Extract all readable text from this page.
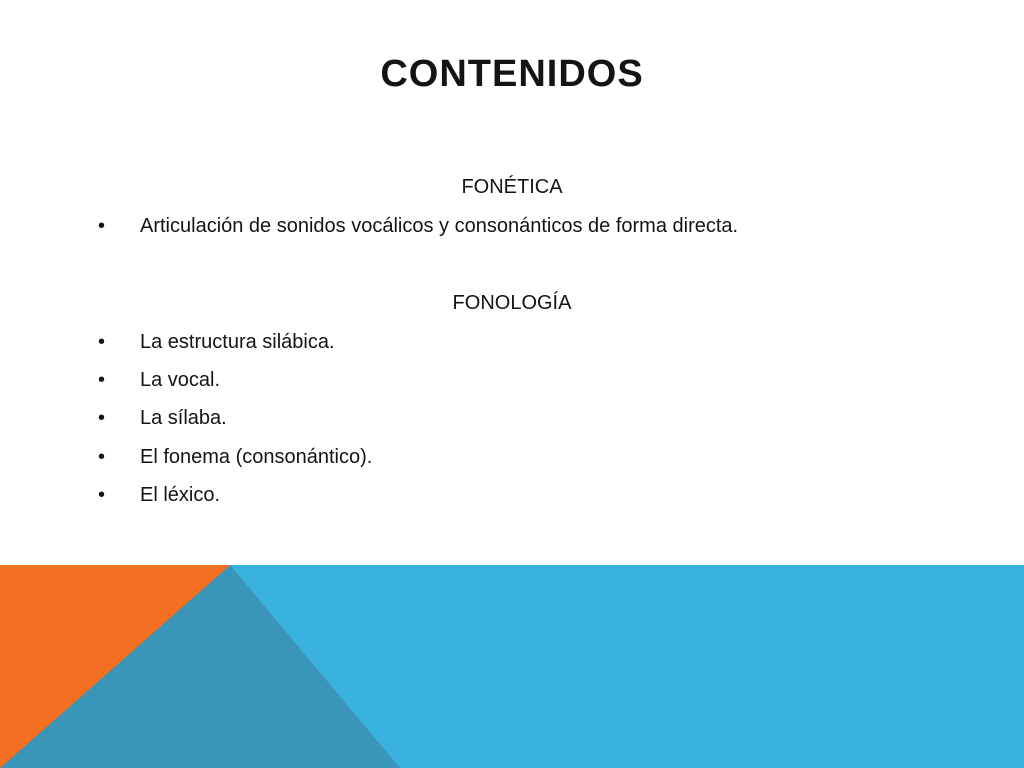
CONTENIDOS
FONÉTICA
• Articulación de sonidos vocálicos y consonánticos de forma directa.
FONOLOGÍA
• La estructura silábica.
• La vocal.
• La sílaba.
• El fonema (consonántico).
• El léxico.
